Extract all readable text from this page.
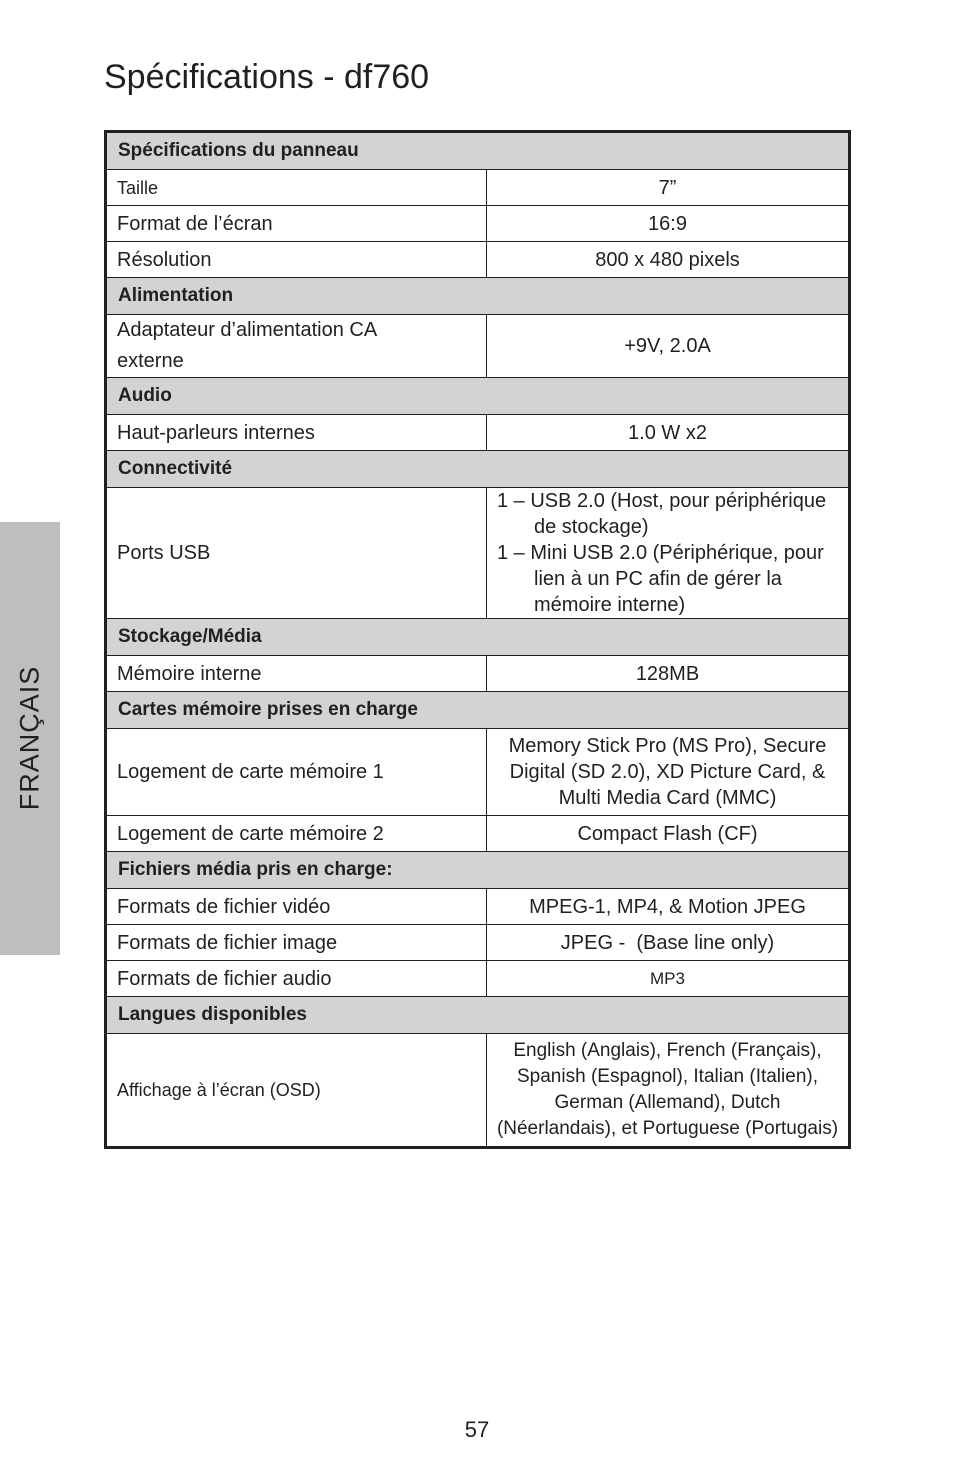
Spécifications - df760
FRANÇAIS
Spécifications du panneau	
Taille	7”
Format de l’écran	16:9
Résolution	800 x 480 pixels
Alimentation	
Adaptateur d’alimentation CA externe	+9V, 2.0A
Audio	
Haut-parleurs internes	1.0 W x2
Connectivité	
Ports USB	1 – USB 2.0 (Host, pour périphérique de stockage)
1 – Mini USB 2.0 (Périphérique, pour lien à un PC afin de gérer la mémoire interne)

Stockage/Média	
Mémoire interne	128MB
Cartes mémoire prises en charge	
Logement de carte mémoire 1	Memory Stick Pro (MS Pro), Secure Digital (SD 2.0), XD Picture Card, & Multi Media Card (MMC)
Logement de carte mémoire 2	Compact Flash (CF)
Fichiers média pris en charge:	
Formats de fichier vidéo	MPEG-1, MP4, & Motion JPEG
Formats de fichier image	JPEG -  (Base line only)
Formats de fichier audio	MP3
Langues disponibles	
Affichage à l’écran (OSD)	English (Anglais), French (Français), Spanish (Espagnol), Italian (Italien), German (Allemand), Dutch (Néerlandais), et Portuguese (Portugais)
57
